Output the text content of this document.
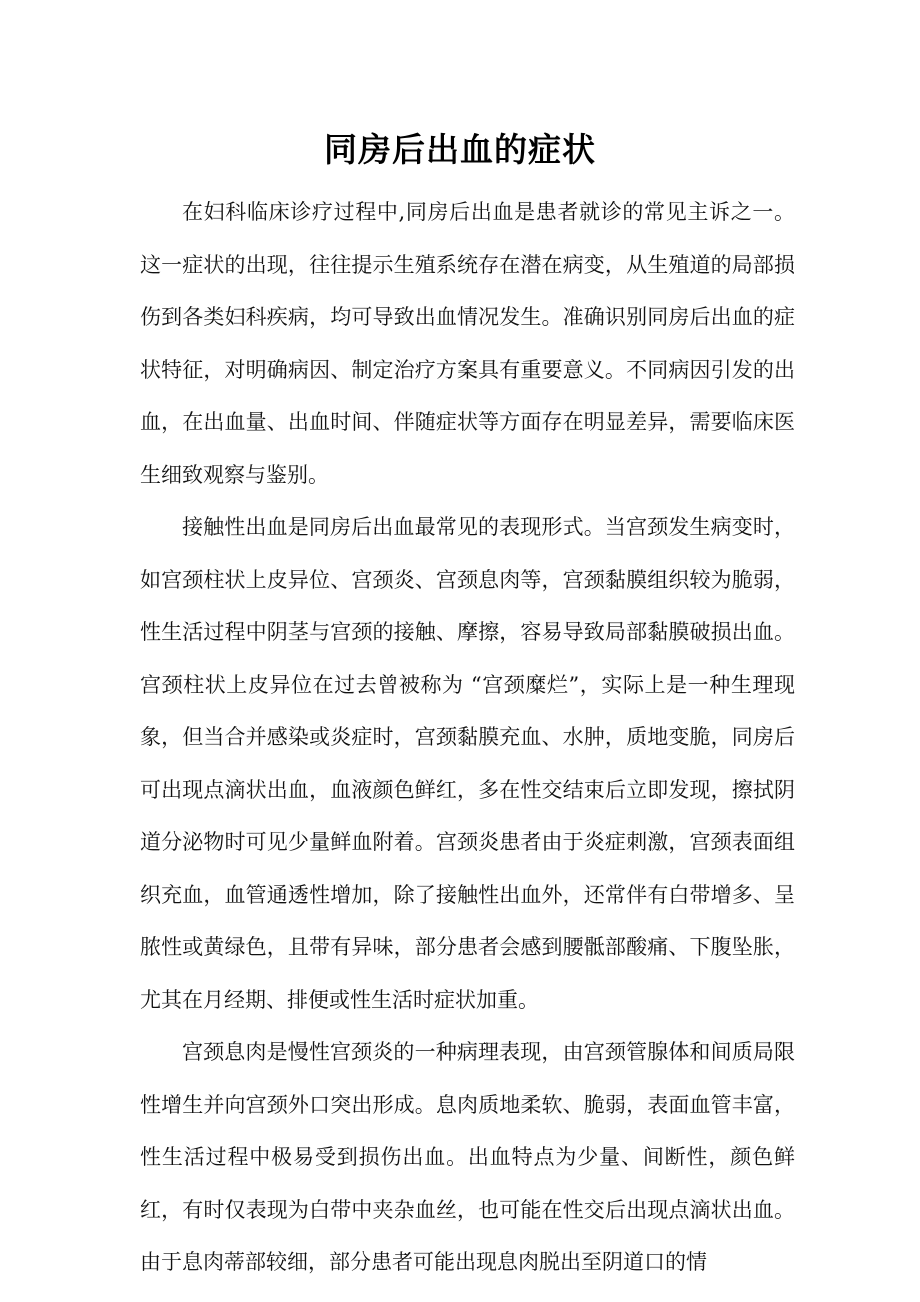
同房后出血的症状

在妇科临床诊疗过程中,同房后出血是患者就诊的常见主诉之一。这一症状的出现，往往提示生殖系统存在潜在病变，从生殖道的局部损伤到各类妇科疾病，均可导致出血情况发生。准确识别同房后出血的症状特征，对明确病因、制定治疗方案具有重要意义。不同病因引发的出血，在出血量、出血时间、伴随症状等方面存在明显差异，需要临床医生细致观察与鉴别。

接触性出血是同房后出血最常见的表现形式。当宫颈发生病变时，如宫颈柱状上皮异位、宫颈炎、宫颈息肉等，宫颈黏膜组织较为脆弱，性生活过程中阴茎与宫颈的接触、摩擦，容易导致局部黏膜破损出血。宫颈柱状上皮异位在过去曾被称为 “宫颈糜烂”，实际上是一种生理现象，但当合并感染或炎症时，宫颈黏膜充血、水肿，质地变脆，同房后可出现点滴状出血，血液颜色鲜红，多在性交结束后立即发现，擦拭阴道分泌物时可见少量鲜血附着。宫颈炎患者由于炎症刺激，宫颈表面组织充血，血管通透性增加，除了接触性出血外，还常伴有白带增多、呈脓性或黄绿色，且带有异味，部分患者会感到腰骶部酸痛、下腹坠胀，尤其在月经期、排便或性生活时症状加重。

宫颈息肉是慢性宫颈炎的一种病理表现，由宫颈管腺体和间质局限性增生并向宫颈外口突出形成。息肉质地柔软、脆弱，表面血管丰富，性生活过程中极易受到损伤出血。出血特点为少量、间断性，颜色鲜红，有时仅表现为白带中夹杂血丝，也可能在性交后出现点滴状出血。由于息肉蒂部较细，部分患者可能出现息肉脱出至阴道口的情
